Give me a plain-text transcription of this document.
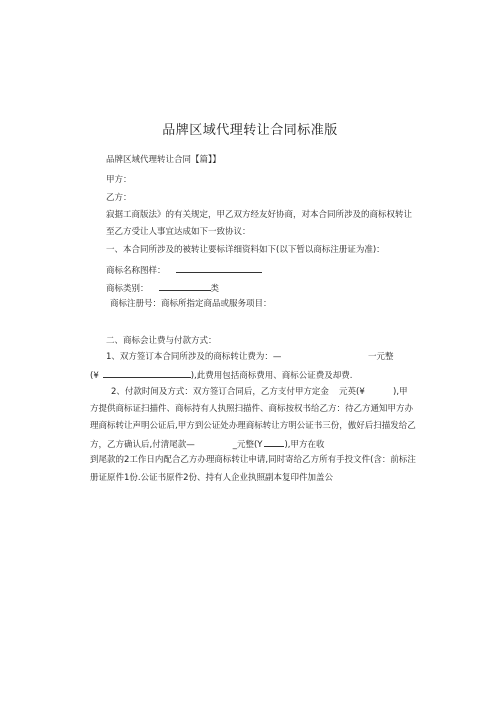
品牌区域代理转让合同标准版
品牌区域代理转让合同【篇】】
甲方：
乙方：
寂据工商版法》的有关规定，甲乙双方经友好协商，对本合同所涉及的商标权转让
至乙方受让人事宜达成如下一致协议：
一、本合同所涉及的被转让要标详细资料如下(以下暂以商标注册证为准)：
商标名称图样：
商标类别：	类
商标注册号：商标所指定商品或服务项目：
二、商标会让费与付款方式：
1、双方签订本合同所涉及的商标转让费为：—	一元整
(¥	),此费用包括商标费用、商标公证费及却费.
2、付款时间及方式：双方签订合同后，乙方支付甲方定金 元英(¥	),甲
方提供商标证扫描件、商标持有人执照扫描件、商标按权书给乙方：待乙方通知甲方办
理商标转让声明公证后,甲方到公证处办理商标转让方明公证书三份，傲好后扫描发给乙
方，乙方确认后,付清尾款—	_元整(Y	),甲方在收
到尾款的2工作日内配合乙方办理商标转让申请,同时寄给乙方所有手投文件(含：前标注
册证原件1份.公证书原件2份、持有人企业执照副本复印件加盖公
